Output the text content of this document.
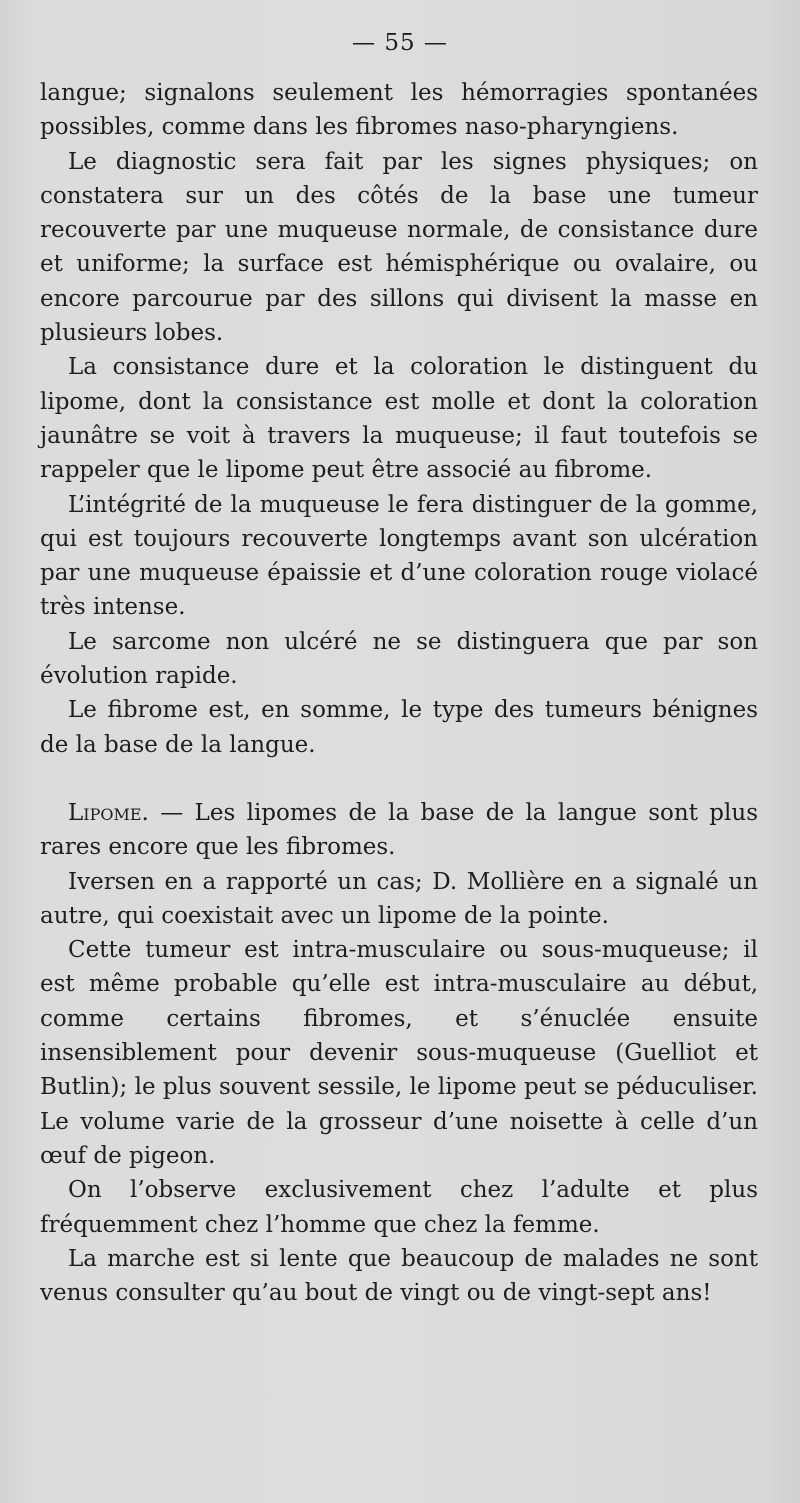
— 55 —

langue; signalons seulement les hémorragies spontanées possibles, comme dans les fibromes naso-pharyngiens.

Le diagnostic sera fait par les signes physiques; on constatera sur un des côtés de la base une tumeur recouverte par une muqueuse normale, de consistance dure et uniforme; la surface est hémisphérique ou ovalaire, ou encore parcourue par des sillons qui divisent la masse en plusieurs lobes.

La consistance dure et la coloration le distinguent du lipome, dont la consistance est molle et dont la coloration jaunâtre se voit à travers la muqueuse; il faut toutefois se rappeler que le lipome peut être associé au fibrome.

L’intégrité de la muqueuse le fera distinguer de la gomme, qui est toujours recouverte longtemps avant son ulcération par une muqueuse épaissie et d’une coloration rouge violacé très intense.

Le sarcome non ulcéré ne se distinguera que par son évolution rapide.

Le fibrome est, en somme, le type des tumeurs bénignes de la base de la langue.

Lipome. — Les lipomes de la base de la langue sont plus rares encore que les fibromes.

Iversen en a rapporté un cas; D. Mollière en a signalé un autre, qui coexistait avec un lipome de la pointe.

Cette tumeur est intra-musculaire ou sous-muqueuse; il est même probable qu’elle est intra-musculaire au début, comme certains fibromes, et s’énuclée ensuite insensiblement pour devenir sous-muqueuse (Guelliot et Butlin); le plus souvent sessile, le lipome peut se péduculiser. Le volume varie de la grosseur d’une noisette à celle d’un œuf de pigeon.

On l’observe exclusivement chez l’adulte et plus fréquemment chez l’homme que chez la femme.

La marche est si lente que beaucoup de malades ne sont venus consulter qu’au bout de vingt ou de vingt-sept ans!
